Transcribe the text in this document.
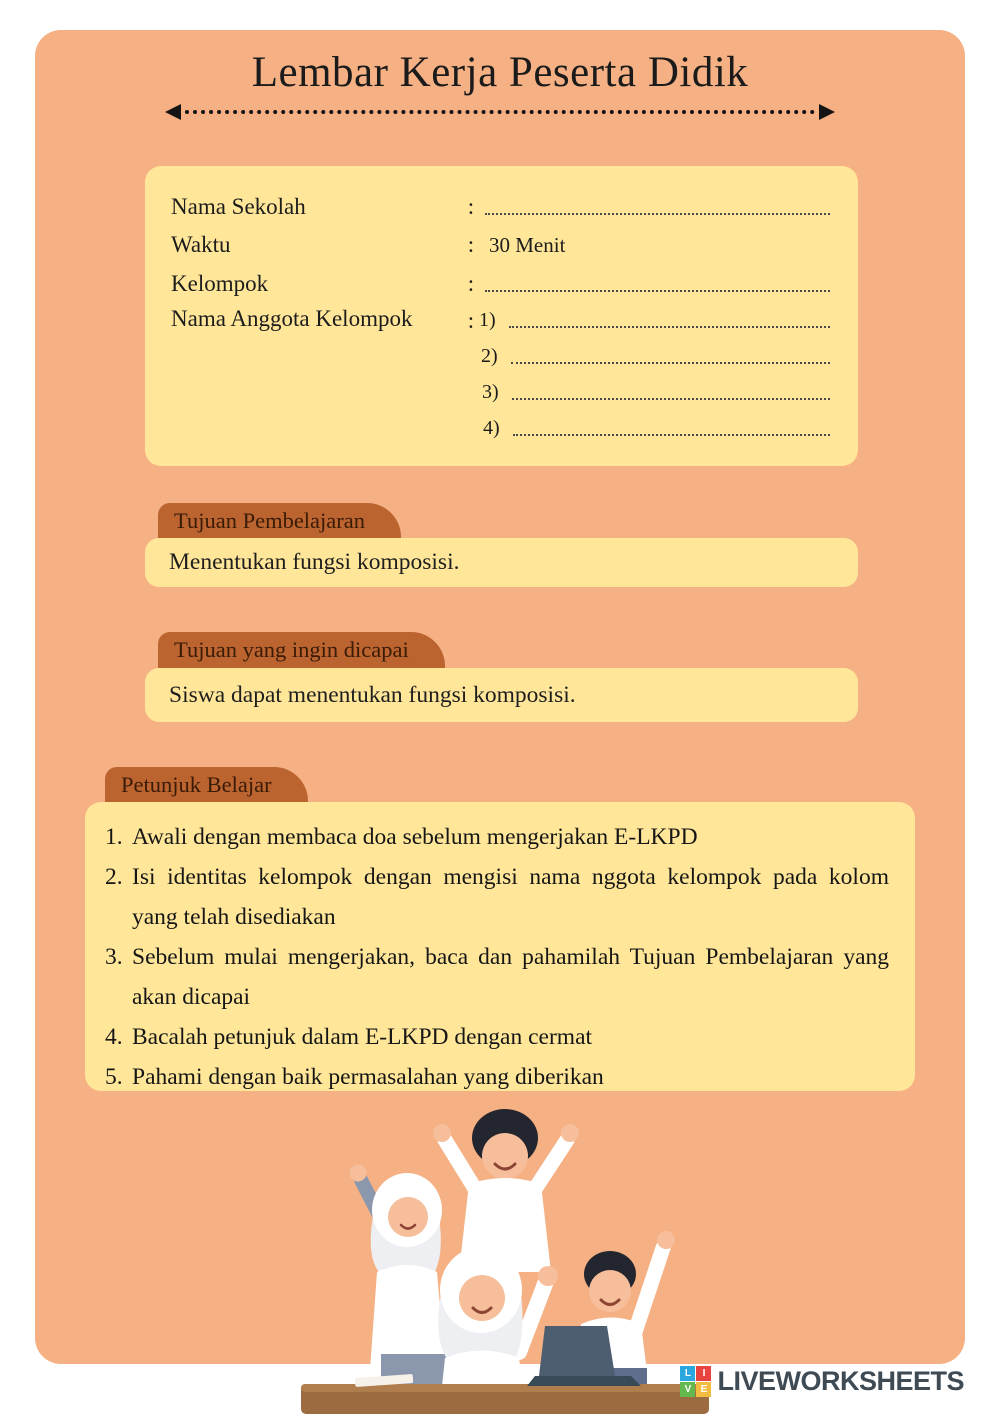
Lembar Kerja Peserta Didik
Nama Sekolah	:
Waktu	: 30 Menit
Kelompok	:
Nama Anggota Kelompok	: 1)
2)
3)
4)
Tujuan Pembelajaran
Menentukan fungsi komposisi.
Tujuan yang ingin dicapai
Siswa dapat menentukan fungsi komposisi.
Petunjuk Belajar
Awali dengan membaca doa sebelum mengerjakan E-LKPD
Isi identitas kelompok dengan mengisi nama nggota kelompok pada kolom yang telah disediakan
Sebelum mulai mengerjakan, baca dan pahamilah Tujuan Pembelajaran yang akan dicapai
Bacalah petunjuk dalam E-LKPD dengan cermat
Pahami dengan baik permasalahan yang diberikan
L	I
V E LIVEWORKSHEETS
